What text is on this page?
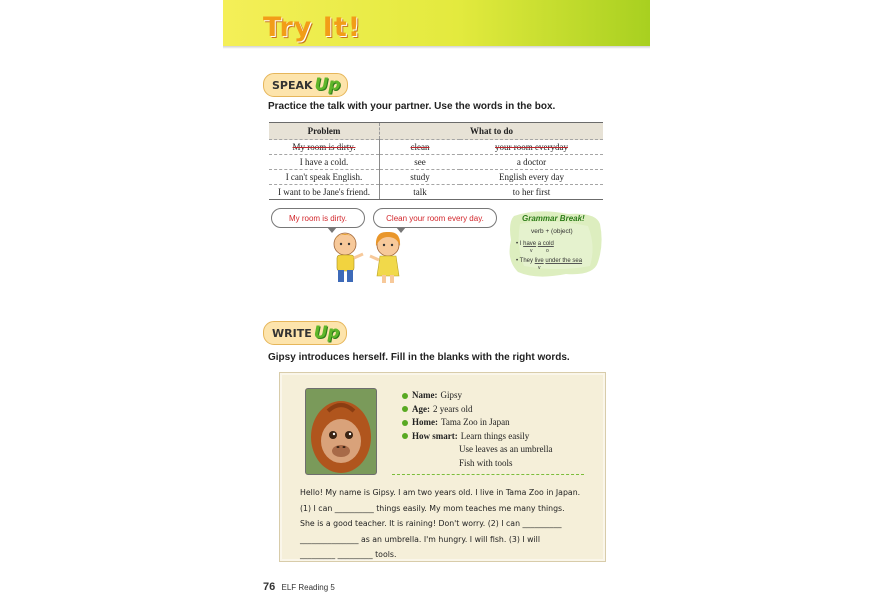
Try It!
SPEAK Up
Practice the talk with your partner. Use the words in the box.
Problem	What to do	
My room is dirty.	clean	your room everyday
I have a cold.	see	a doctor
I can't speak English.	study	English every day
I want to be Jane's friend.	talk	to her first
My room is dirty.	Clean your room every day.	Grammar Break!
verb + (object)
• I have a cold
v	o
• They live under the sea
v
WRITE Up
Gipsy introduces herself. Fill in the blanks with the right words.
Name: Gipsy
Age: 2 years old
Home: Tama Zoo in Japan
How smart: Learn things easily
Use leaves as an umbrella
Fish with tools
Hello! My name is Gipsy. I am two years old. I live in Tama Zoo in Japan.
(1) I can __________ things easily. My mom teaches me many things.
She is a good teacher. It is raining! Don't worry. (2) I can __________
_______________ as an umbrella. I'm hungry. I will fish. (3) I will
_________ _________ tools.
76 ELF Reading 5
